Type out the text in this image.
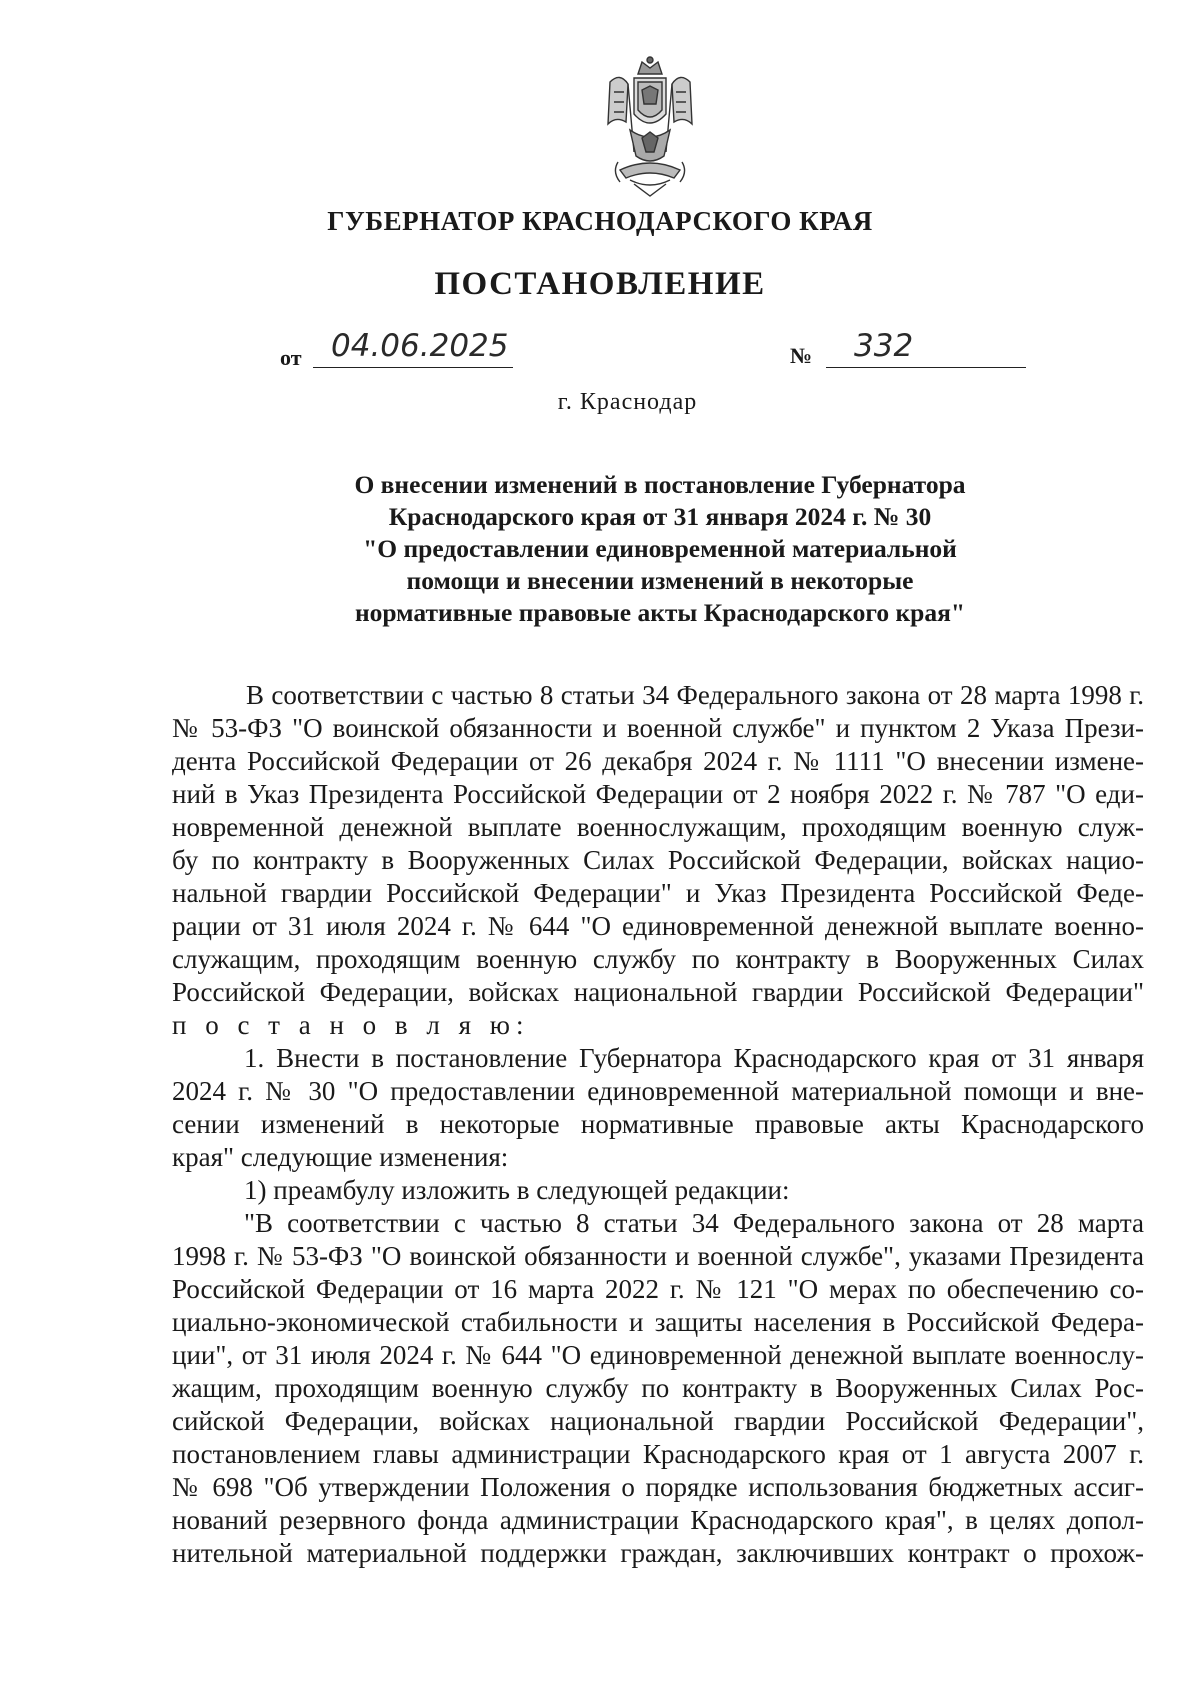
ГУБЕРНАТОР КРАСНОДАРСКОГО КРАЯ
ПОСТАНОВЛЕНИЕ
от 04.06.2025	№	332
г. Краснодар
О внесении изменений в постановление Губернатора
Краснодарского края от 31 января 2024 г. № 30
"О предоставлении единовременной материальной
помощи и внесении изменений в некоторые
нормативные правовые акты Краснодарского края"
В соответствии с частью 8 статьи 34 Федерального закона от 28 марта 1998 г.
№ 53-ФЗ "О воинской обязанности и военной службе" и пунктом 2 Указа Прези-
дента Российской Федерации от 26 декабря 2024 г. № 1111 "О внесении измене-
ний в Указ Президента Российской Федерации от 2 ноября 2022 г. № 787 "О еди-
новременной денежной выплате военнослужащим, проходящим военную служ-
бу по контракту в Вооруженных Силах Российской Федерации, войсках нацио-
нальной гвардии Российской Федерации" и Указ Президента Российской Феде-
рации от 31 июля 2024 г. № 644 "О единовременной денежной выплате военно-
служащим, проходящим военную службу по контракту в Вооруженных Силах
Российской Федерации, войсках национальной гвардии Российской Федерации"
п о с т а н о в л я ю:
1. Внести в постановление Губернатора Краснодарского края от 31 января
2024 г. № 30 "О предоставлении единовременной материальной помощи и вне-
сении изменений в некоторые нормативные правовые акты Краснодарского
края" следующие изменения:
1) преамбулу изложить в следующей редакции:
"В соответствии с частью 8 статьи 34 Федерального закона от 28 марта
1998 г. № 53-ФЗ "О воинской обязанности и военной службе", указами Президента
Российской Федерации от 16 марта 2022 г. № 121 "О мерах по обеспечению со-
циально-экономической стабильности и защиты населения в Российской Федера-
ции", от 31 июля 2024 г. № 644 "О единовременной денежной выплате военнослу-
жащим, проходящим военную службу по контракту в Вооруженных Силах Рос-
сийской Федерации, войсках национальной гвардии Российской Федерации",
постановлением главы администрации Краснодарского края от 1 августа 2007 г.
№ 698 "Об утверждении Положения о порядке использования бюджетных ассиг-
нований резервного фонда администрации Краснодарского края", в целях допол-
нительной материальной поддержки граждан, заключивших контракт о прохож-
